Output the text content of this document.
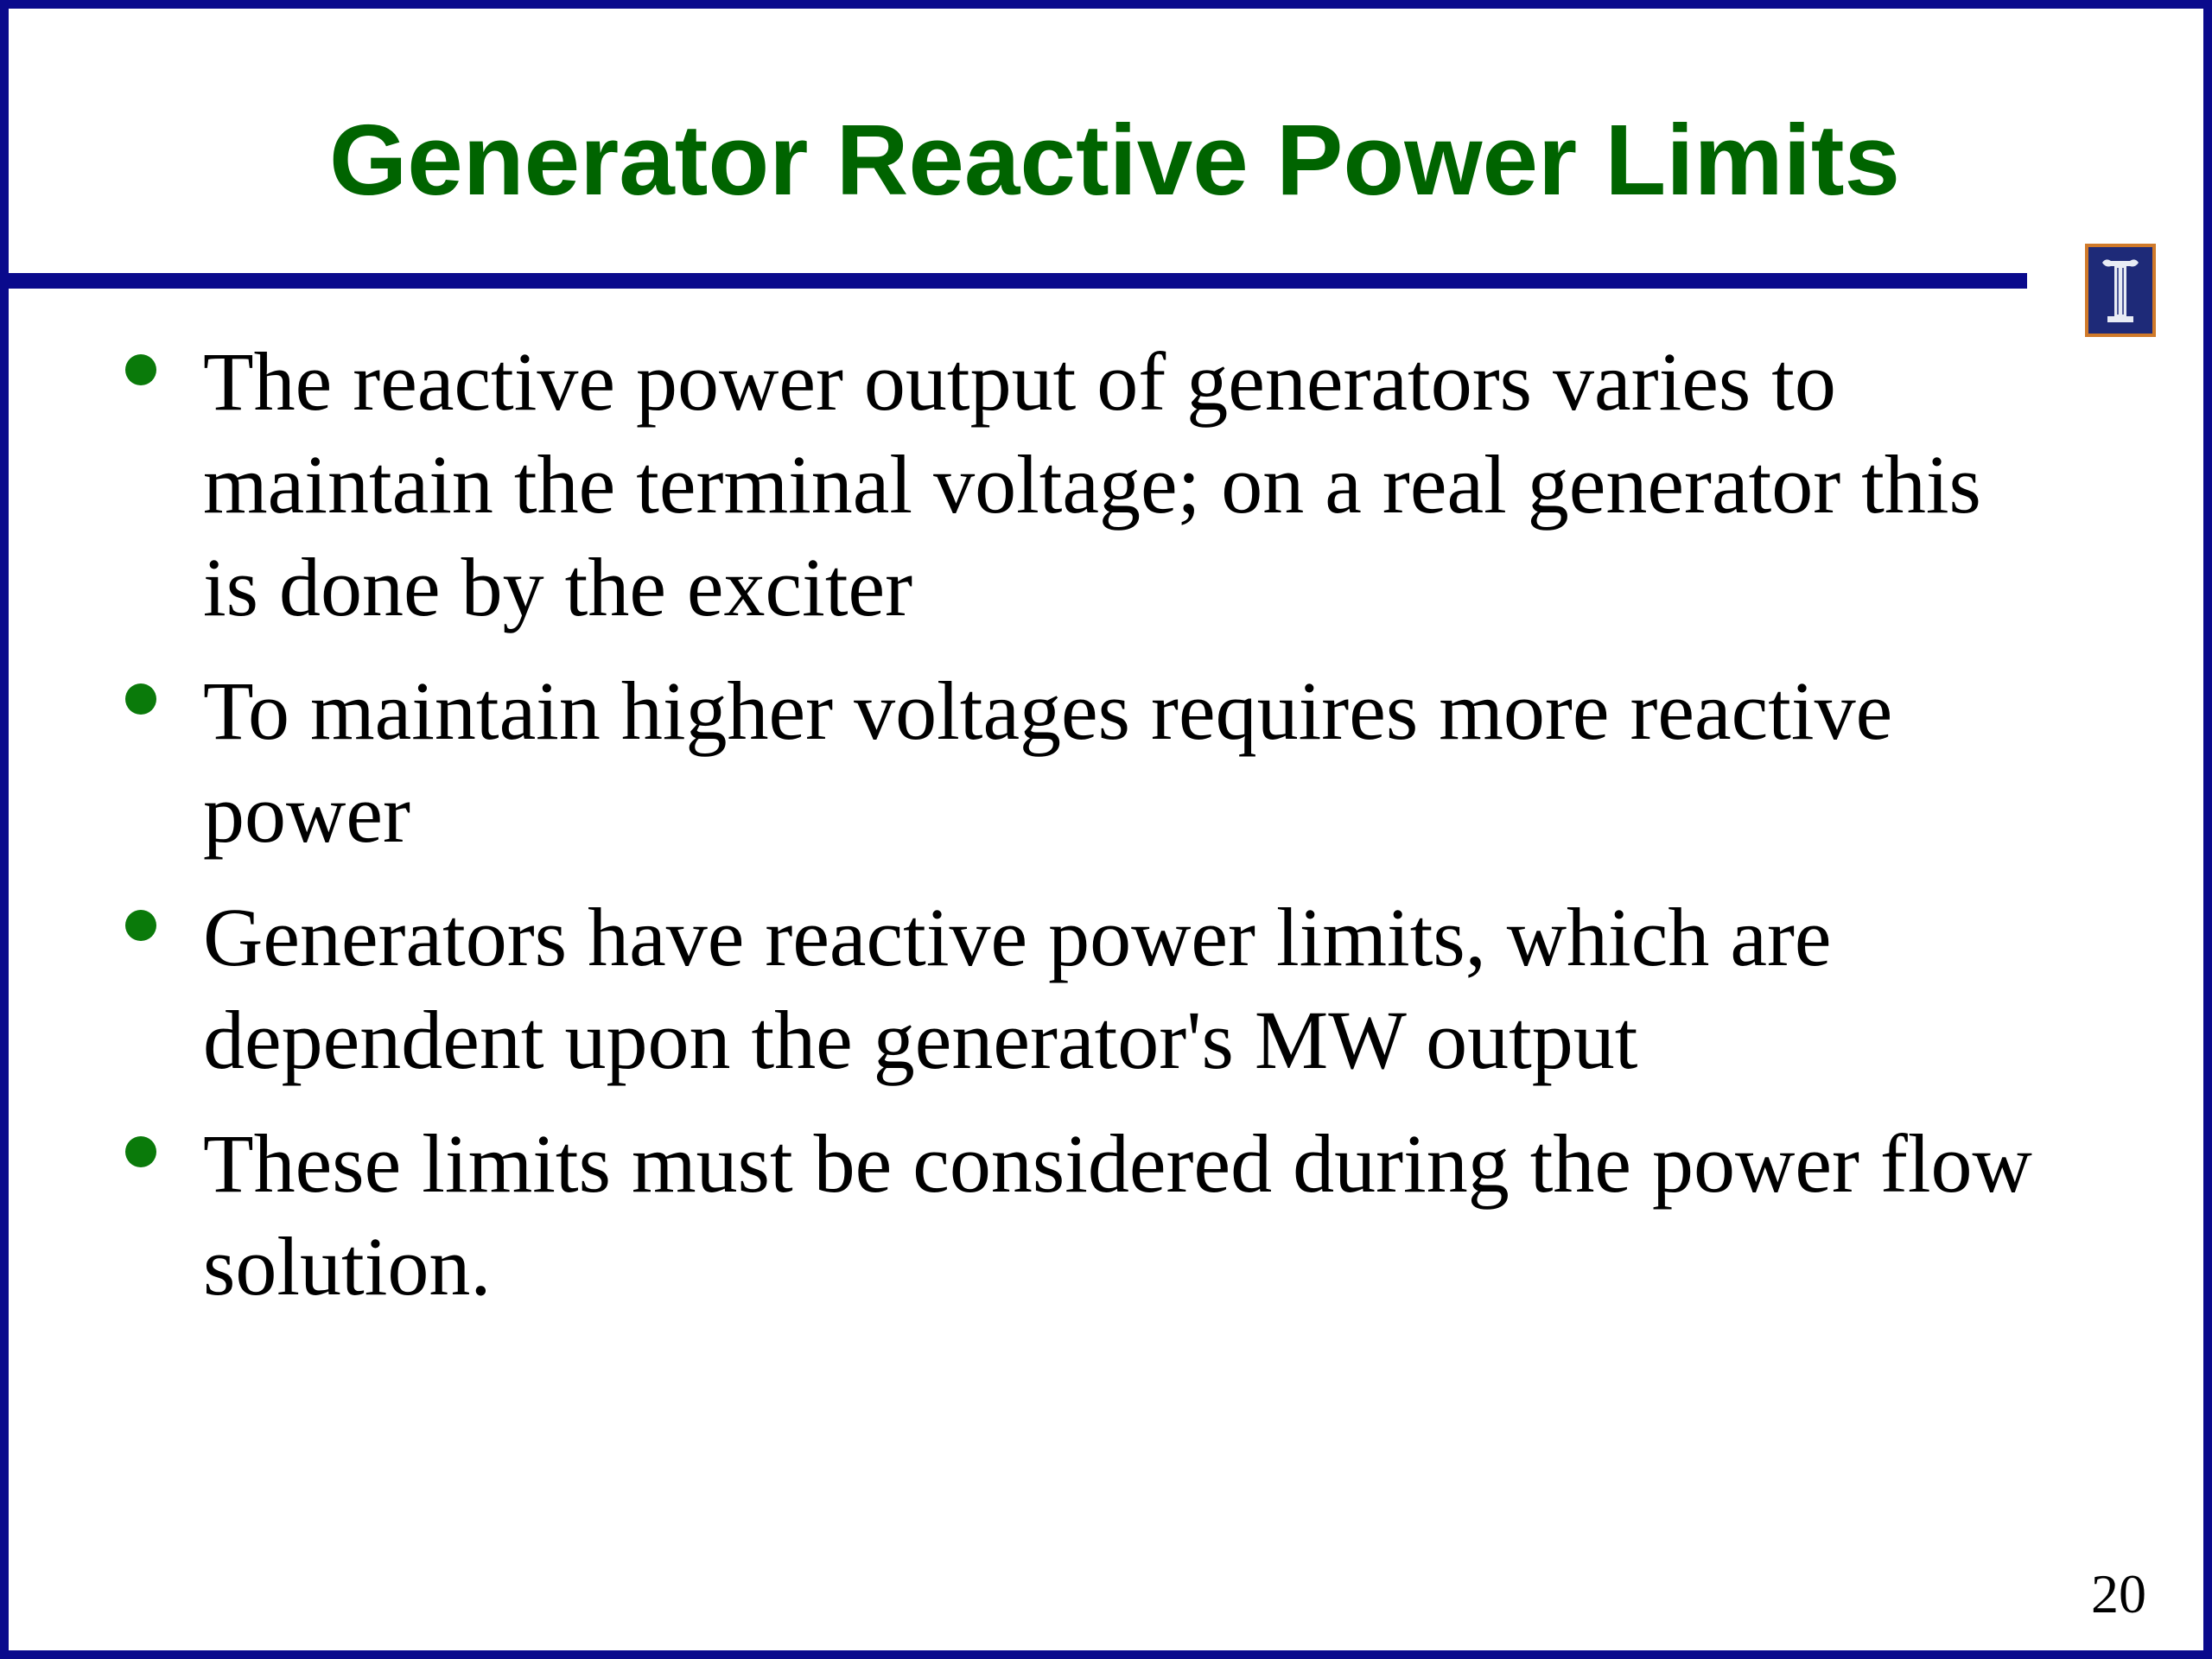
Generator Reactive Power Limits
The reactive power output of generators varies to maintain the terminal voltage; on a real generator this is done by the exciter
To maintain higher voltages requires more reactive power
Generators have reactive power limits, which are dependent upon the generator's MW output
These limits must be considered during the power flow solution.
20
